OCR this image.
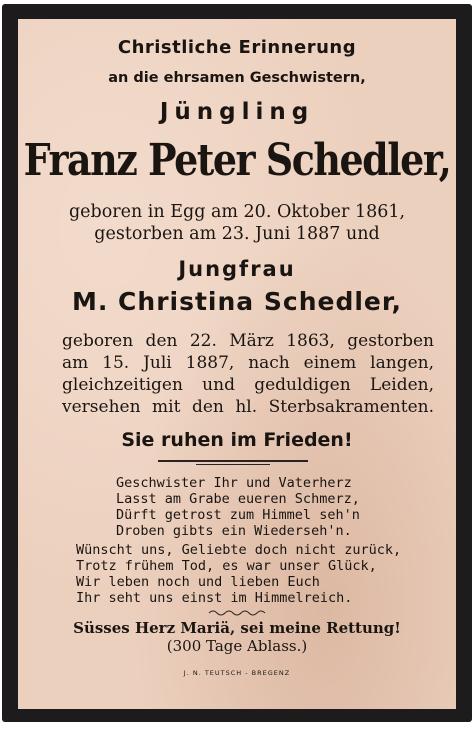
Christliche Erinnerung
an die ehrsamen Geschwistern,
Jüngling
Franz Peter Schedler,
geboren in Egg am 20. Oktober 1861,
gestorben am 23. Juni 1887 und
Jungfrau
M. Christina Schedler,
geboren den 22. März 1863, gestorben
am 15. Juli 1887, nach einem langen,
gleichzeitigen und geduldigen Leiden,
versehen mit den hl. Sterbsakramenten.
Sie ruhen im Frieden!
Geschwister Ihr und Vaterherz
Lasst am Grabe eueren Schmerz,
Dürft getrost zum Himmel seh'n
Droben gibts ein Wiederseh'n.
Wünscht uns, Geliebte doch nicht zurück,
Trotz frühem Tod, es war unser Glück,
Wir leben noch und lieben Euch
Ihr seht uns einst im Himmelreich.
Süsses Herz Mariä, sei meine Rettung!
(300 Tage Ablass.)
J. N. TEUTSCH - BREGENZ
